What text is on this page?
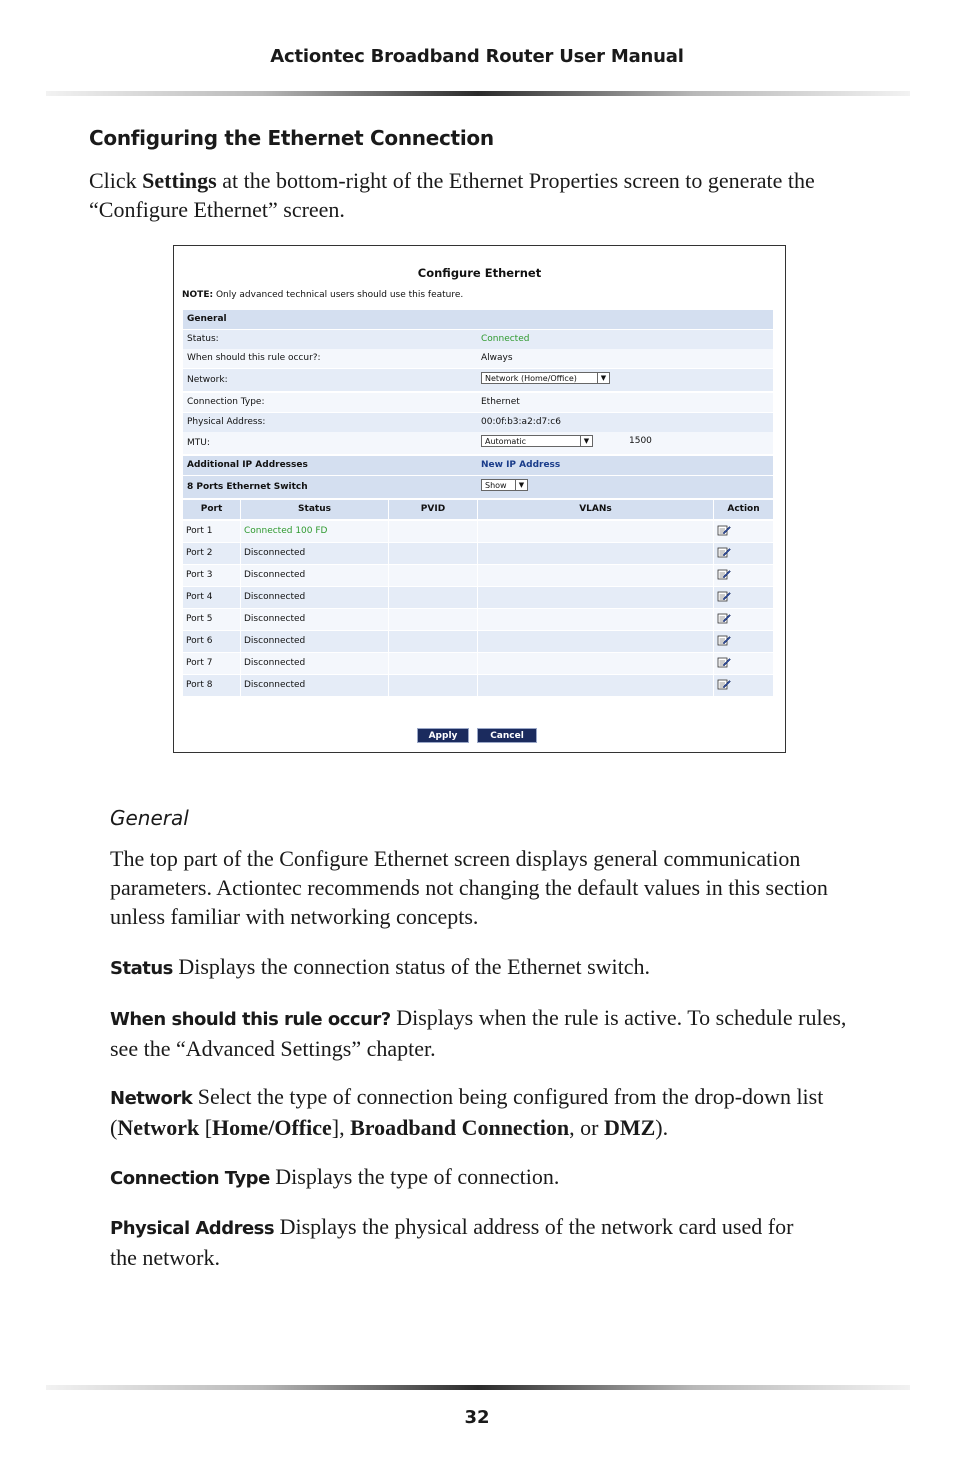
Actiontec Broadband Router User Manual
Configuring the Ethernet Connection
Click Settings at the bottom-right of the Ethernet Properties screen to generate the “Configure Ethernet” screen.
Configure Ethernet
NOTE: Only advanced technical users should use this feature.
General
Status:	Connected
When should this rule occur?:	Always
Network:	Network (Home/Office)	▼
Connection Type:	Ethernet
Physical Address:	00:0f:b3:a2:d7:c6
MTU:	Automatic	▼	1500
Additional IP Addresses	New IP Address
8 Ports Ethernet Switch	Show	▼
Port	Status	PVID	VLANs	Action
Port 1	Connected 100 FD
Port 2	Disconnected
Port 3	Disconnected
Port 4	Disconnected
Port 5	Disconnected
Port 6	Disconnected
Port 7	Disconnected
Port 8	Disconnected
Apply	Cancel
General
The top part of the Configure Ethernet screen displays general communication parameters. Actiontec recommends not changing the default values in this section unless familiar with networking concepts.
Status Displays the connection status of the Ethernet switch.
When should this rule occur? Displays when the rule is active. To schedule rules, see the “Advanced Settings” chapter.
Network Select the type of connection being configured from the drop-down list (Network [Home/Office], Broadband Connection, or DMZ).
Connection Type Displays the type of connection.
Physical Address Displays the physical address of the network card used for the network.
32
